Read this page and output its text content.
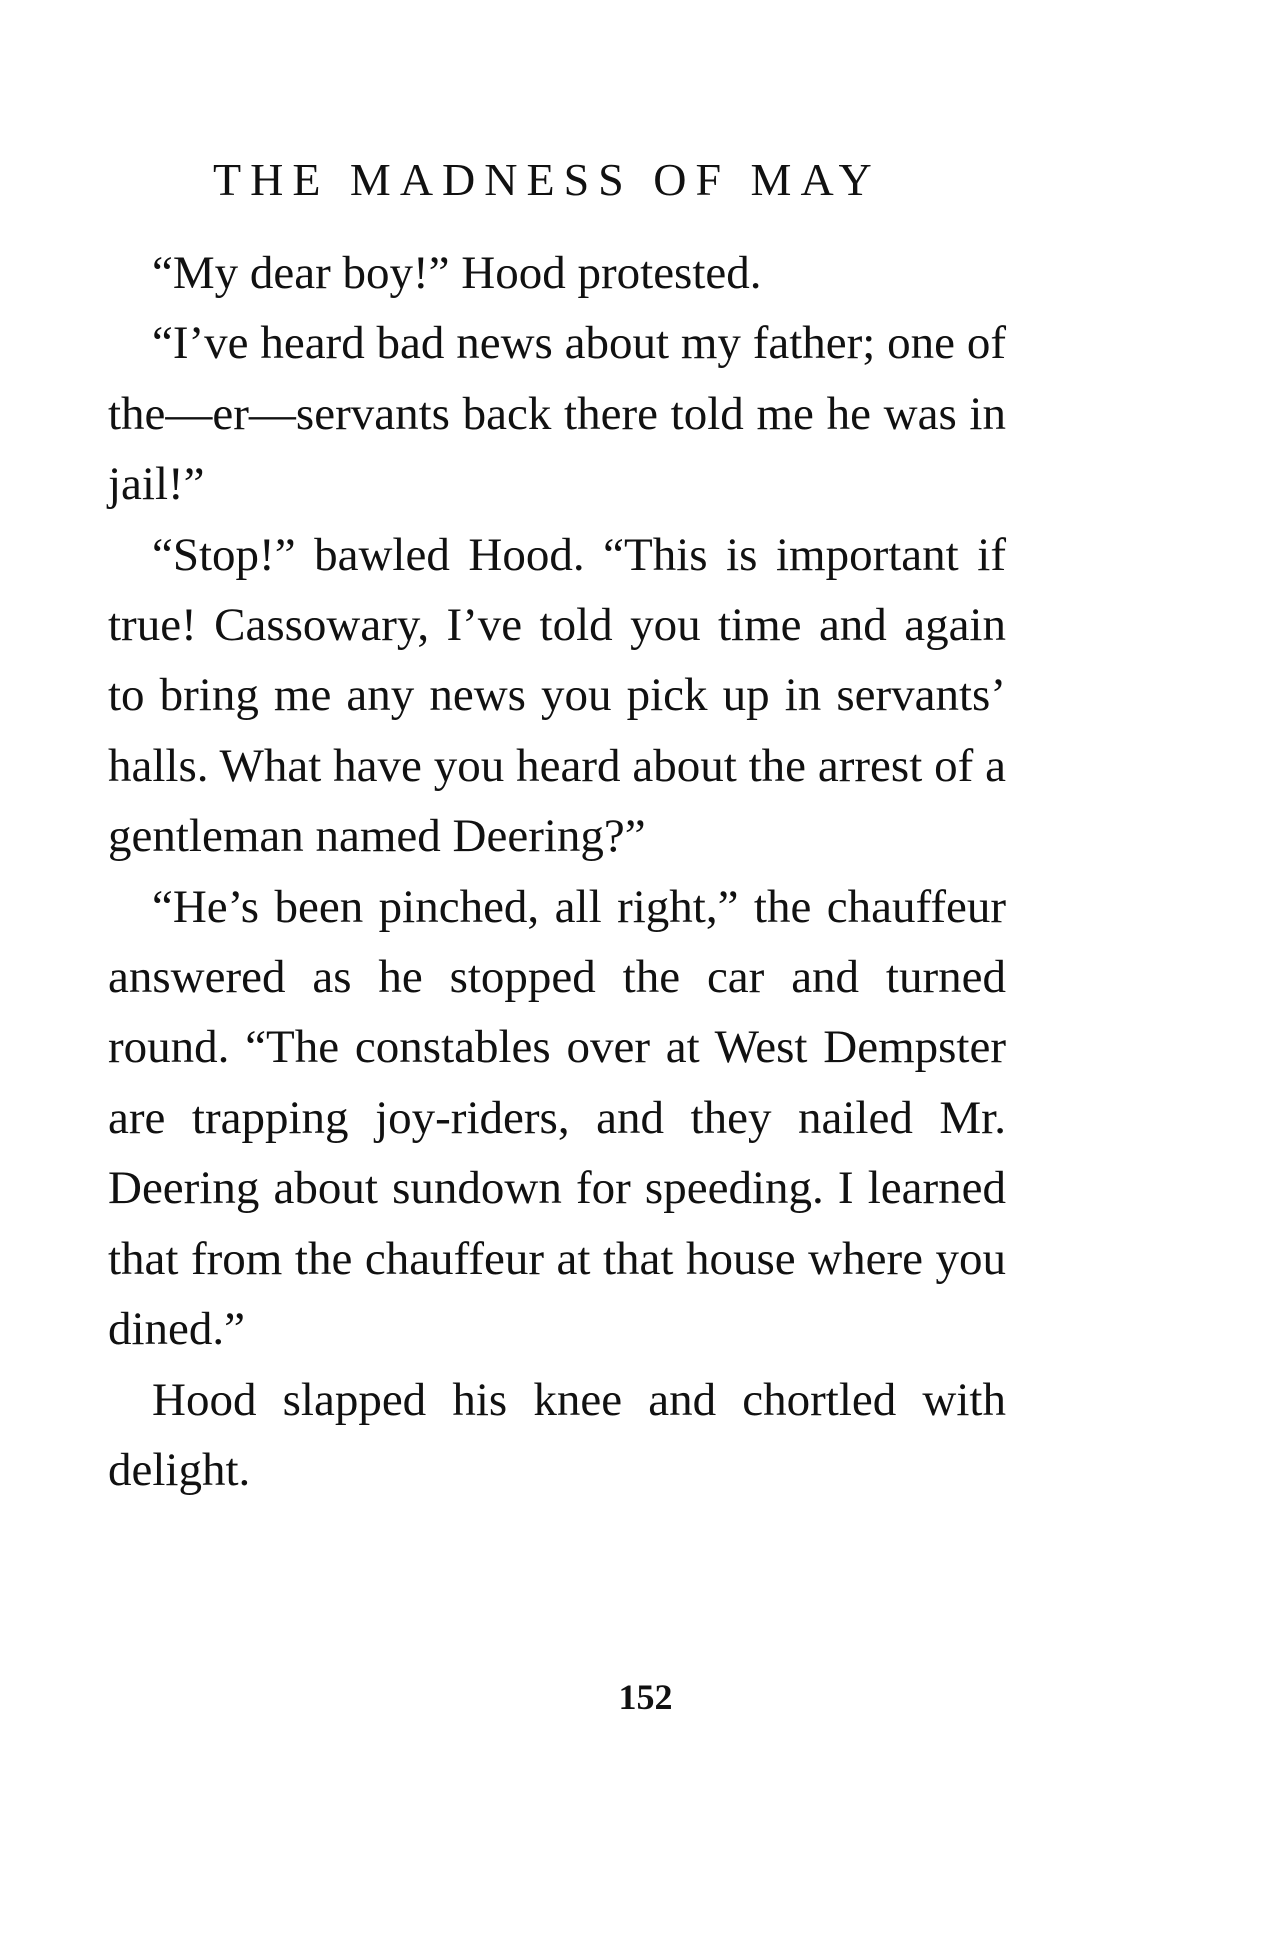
THE MADNESS OF MAY

“My dear boy!” Hood protested.

“I’ve heard bad news about my father; one of the—er—servants back there told me he was in jail!”

“Stop!” bawled Hood. “This is important if true! Cassowary, I’ve told you time and again to bring me any news you pick up in servants’ halls. What have you heard about the arrest of a gentleman named Deering?”

“He’s been pinched, all right,” the chauffeur answered as he stopped the car and turned round. “The constables over at West Dempster are trapping joy-riders, and they nailed Mr. Deering about sundown for speeding. I learned that from the chauffeur at that house where you dined.”

Hood slapped his knee and chortled with delight.

152
